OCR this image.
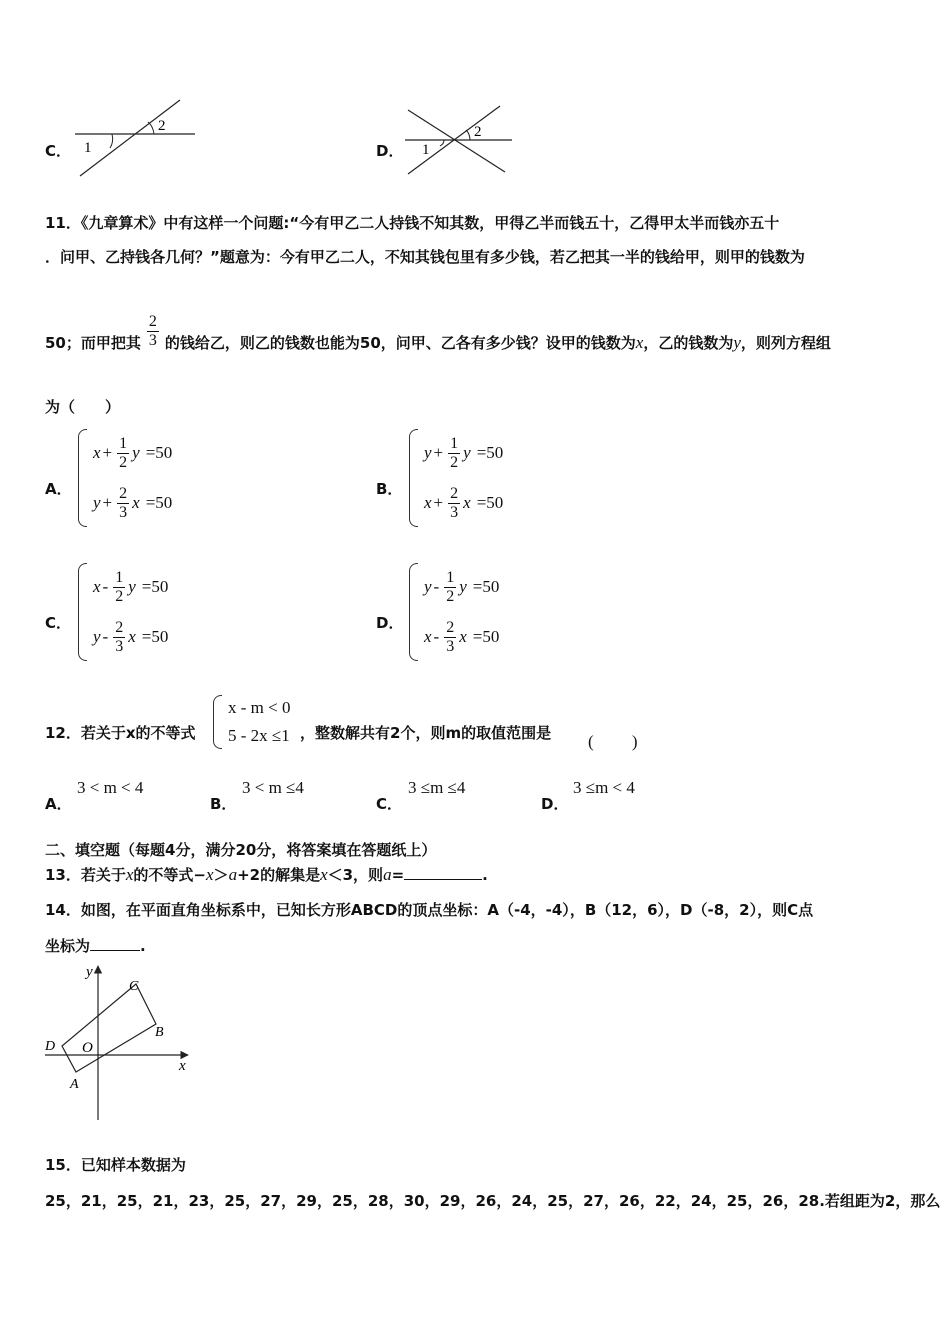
C． 1
2
D． 1
2
11．《九章算术》中有这样一个问题:“今有甲乙二人持钱不知其数，甲得乙半而钱五十，乙得甲太半而钱亦五十
．问甲、乙持钱各几何？”题意为：今有甲乙二人，不知其钱包里有多少钱，若乙把其一半的钱给甲，则甲的钱数为
50；而甲把其 $\frac{2}{3}$ 的钱给乙，则乙的钱数也能为50，问甲、乙各有多少钱？设甲的钱数为 x ，乙的钱数为 y ，则列方程组
为（　　）
A．
$x + \frac{1}{2}$ y =50
$y + \frac{2}{3}$ x =50
B．
$y + \frac{1}{2}$ y =50
$x + \frac{2}{3}$ x =50
C．
x - $\frac{1}{2}$ y =50
y - $\frac{2}{3}$ x =50
D．
y - $\frac{1}{2}$ y =50
x - $\frac{2}{3}$ x =50
12．若关于x的不等式
x - m < 0
5 - 2x ≤1 ，整数解共有2个，则m的取值范围是 (　　 )
A．
3 < m < 4
B．
3 < m ≤4
C．
3 ≤m ≤4
D．
3 ≤m < 4
二、填空题（每题4分，满分20分，将答案填在答题纸上）
13．若关于 x 的不等式− x ＞ a +2的解集是 x ＜3，则 a =	.
14．如图，在平面直角坐标系中，已知长方形ABCD的顶点坐标：A（-4，-4），B（12，6），D（-8，2），则C点
坐标为	.
y
x
O
A
B
C
D
15．已知样本数据为
25，21，25，21，23，25，27，29，25，28，30，29，26，24，25，27，26，22，24，25，26，28.若组距为2，那么
